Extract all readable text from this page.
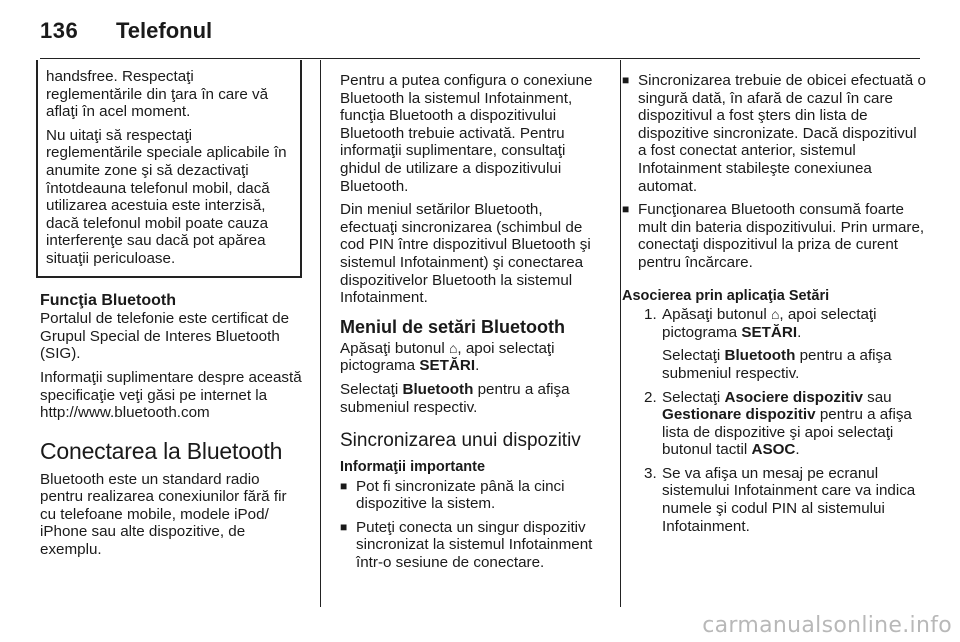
136 Telefonul

handsfree. Respectaţi reglementările din ţara în care vă aflaţi în acel moment.

Nu uitaţi să respectaţi reglementările speciale aplicabile în anumite zone şi să dezactivaţi întotdeauna telefonul mobil, dacă utilizarea acestuia este interzisă, dacă telefonul mobil poate cauza interferenţe sau dacă pot apărea situaţii periculoase.

Funcţia Bluetooth

Portalul de telefonie este certificat de Grupul Special de Interes Bluetooth (SIG).

Informaţii suplimentare despre această specificaţie veţi găsi pe internet la http://www.bluetooth.com

Conectarea la Bluetooth

Bluetooth este un standard radio pentru realizarea conexiunilor fără fir cu telefoane mobile, modele iPod/ iPhone sau alte dispozitive, de exemplu.

Pentru a putea configura o conexiune Bluetooth la sistemul Infotainment, funcţia Bluetooth a dispozitivului Bluetooth trebuie activată. Pentru informaţii suplimentare, consultaţi ghidul de utilizare a dispozitivului Bluetooth.

Din meniul setărilor Bluetooth, efectuaţi sincronizarea (schimbul de cod PIN între dispozitivul Bluetooth şi sistemul Infotainment) şi conectarea dispozitivelor Bluetooth la sistemul Infotainment.

Meniul de setări Bluetooth

Apăsaţi butonul ⌂, apoi selectaţi pictograma SETĂRI.

Selectaţi Bluetooth pentru a afişa submeniul respectiv.

Sincronizarea unui dispozitiv
Informaţii importante
■ Pot fi sincronizate până la cinci dispozitive la sistem.
■ Puteţi conecta un singur dispozitiv sincronizat la sistemul Infotainment într-o sesiune de conectare.
■ Sincronizarea trebuie de obicei efectuată o singură dată, în afară de cazul în care dispozitivul a fost şters din lista de dispozitive sincronizate. Dacă dispozitivul a fost conectat anterior, sistemul Infotainment stabileşte conexiunea automat.
■ Funcţionarea Bluetooth consumă foarte mult din bateria dispozitivului. Prin urmare, conectaţi dispozitivul la priza de curent pentru încărcare.
Asocierea prin aplicaţia Setări
1. Apăsaţi butonul ⌂, apoi selectaţi pictograma SETĂRI.

Selectaţi Bluetooth pentru a afişa submeniul respectiv.

2. Selectaţi Asociere dispozitiv sau Gestionare dispozitiv pentru a afişa lista de dispozitive şi apoi selectaţi butonul tactil ASOC.
3. Se va afişa un mesaj pe ecranul sistemului Infotainment care va indica numele şi codul PIN al sistemului Infotainment.
carmanualsonline.info
